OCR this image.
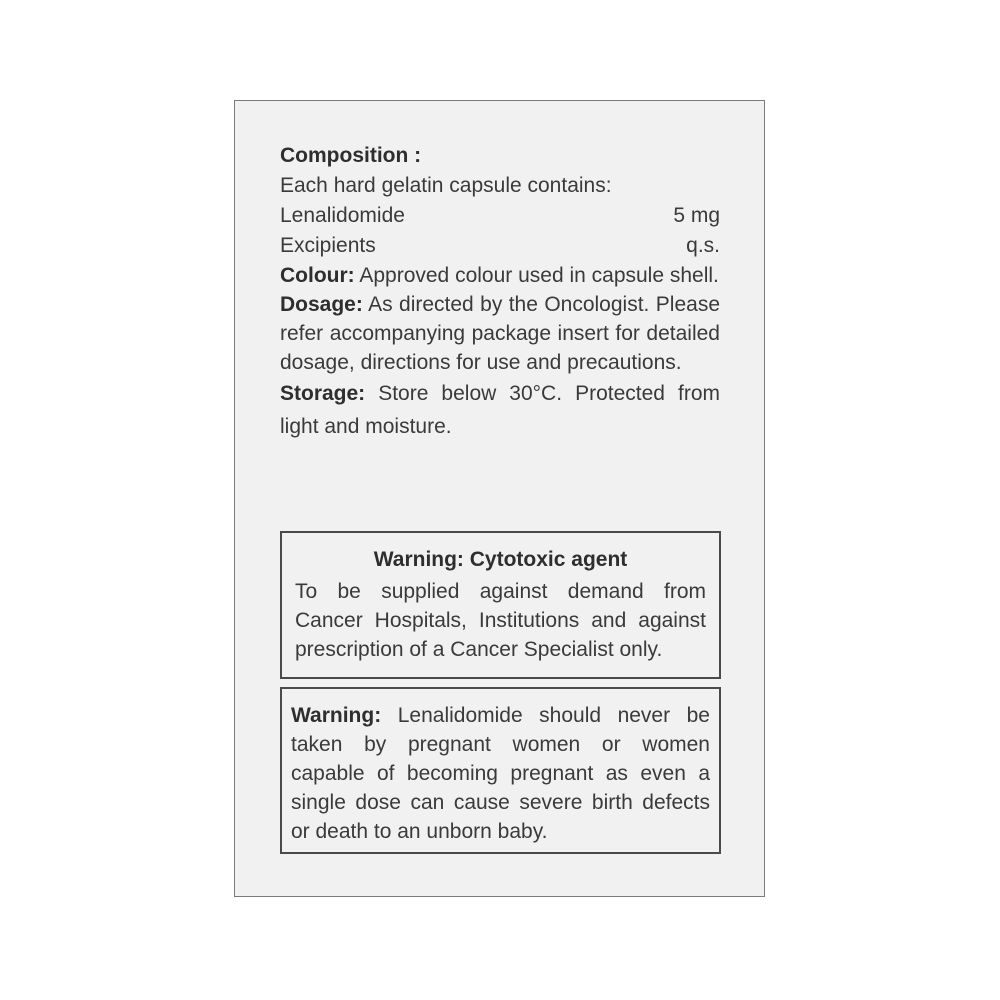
Composition :

Each hard gelatin capsule contains:

Lenalidomide	5 mg
Excipients	q.s.

Colour: Approved colour used in capsule shell.

Dosage: As directed by the Oncologist. Please refer accompanying package insert for detailed dosage, directions for use and precautions.

Storage: Store below 30°C. Protected from light and moisture.

Warning: Cytotoxic agent

To be supplied against demand from Cancer Hospitals, Institutions and against prescription of a Cancer Specialist only.

Warning: Lenalidomide should never be taken by pregnant women or women capable of becoming pregnant as even a single dose can cause severe birth defects or death to an unborn baby.
